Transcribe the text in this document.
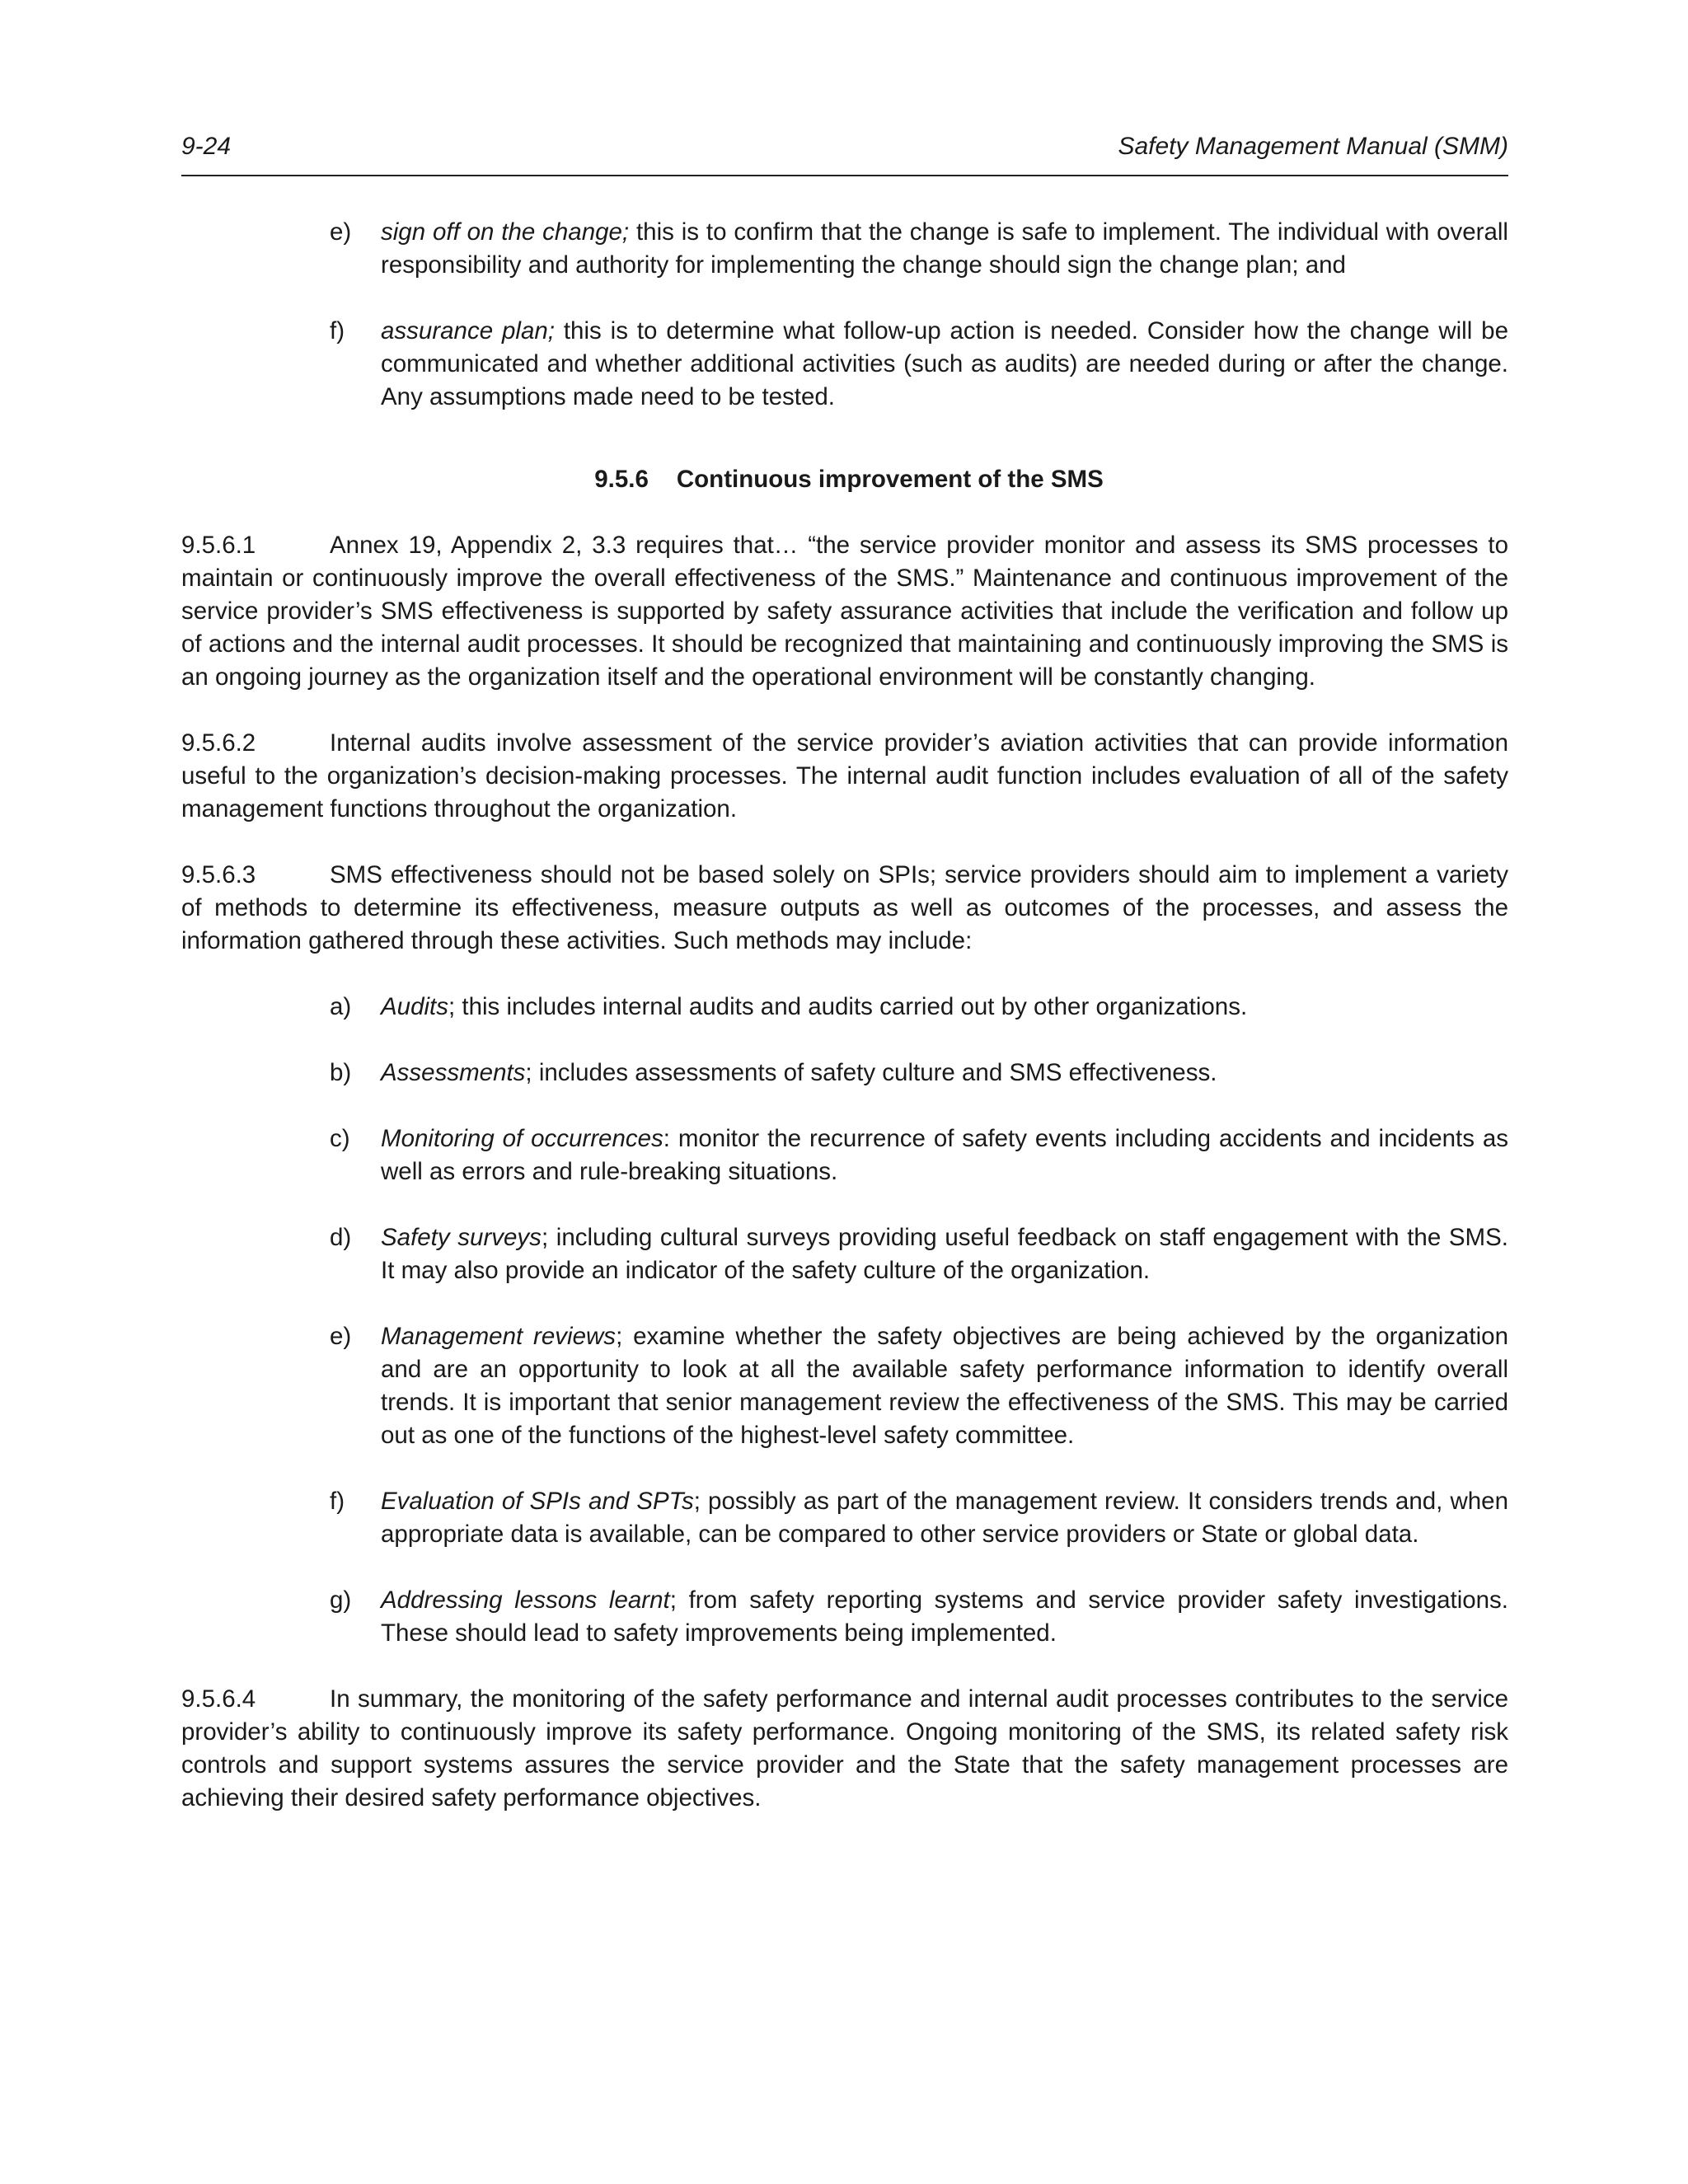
9-24	Safety Management Manual (SMM)
e)	sign off on the change; this is to confirm that the change is safe to implement. The individual with overall responsibility and authority for implementing the change should sign the change plan; and
f)	assurance plan; this is to determine what follow-up action is needed. Consider how the change will be communicated and whether additional activities (such as audits) are needed during or after the change. Any assumptions made need to be tested.
9.5.6 Continuous improvement of the SMS

9.5.6.1	Annex 19, Appendix 2, 3.3 requires that… “the service provider monitor and assess its SMS processes to maintain or continuously improve the overall effectiveness of the SMS.” Maintenance and continuous improvement of the service provider’s SMS effectiveness is supported by safety assurance activities that include the verification and follow up of actions and the internal audit processes. It should be recognized that maintaining and continuously improving the SMS is an ongoing journey as the organization itself and the operational environment will be constantly changing.

9.5.6.2	Internal audits involve assessment of the service provider’s aviation activities that can provide information useful to the organization’s decision-making processes. The internal audit function includes evaluation of all of the safety management functions throughout the organization.

9.5.6.3	SMS effectiveness should not be based solely on SPIs; service providers should aim to implement a variety of methods to determine its effectiveness, measure outputs as well as outcomes of the processes, and assess the information gathered through these activities. Such methods may include:

a)	Audits; this includes internal audits and audits carried out by other organizations.
b)	Assessments; includes assessments of safety culture and SMS effectiveness.
c)	Monitoring of occurrences: monitor the recurrence of safety events including accidents and incidents as well as errors and rule-breaking situations.
d)	Safety surveys; including cultural surveys providing useful feedback on staff engagement with the SMS. It may also provide an indicator of the safety culture of the organization.
e)	Management reviews; examine whether the safety objectives are being achieved by the organization and are an opportunity to look at all the available safety performance information to identify overall trends. It is important that senior management review the effectiveness of the SMS. This may be carried out as one of the functions of the highest-level safety committee.
f)	Evaluation of SPIs and SPTs; possibly as part of the management review. It considers trends and, when appropriate data is available, can be compared to other service providers or State or global data.
g)	Addressing lessons learnt; from safety reporting systems and service provider safety investigations. These should lead to safety improvements being implemented.

9.5.6.4	In summary, the monitoring of the safety performance and internal audit processes contributes to the service provider’s ability to continuously improve its safety performance. Ongoing monitoring of the SMS, its related safety risk controls and support systems assures the service provider and the State that the safety management processes are achieving their desired safety performance objectives.
